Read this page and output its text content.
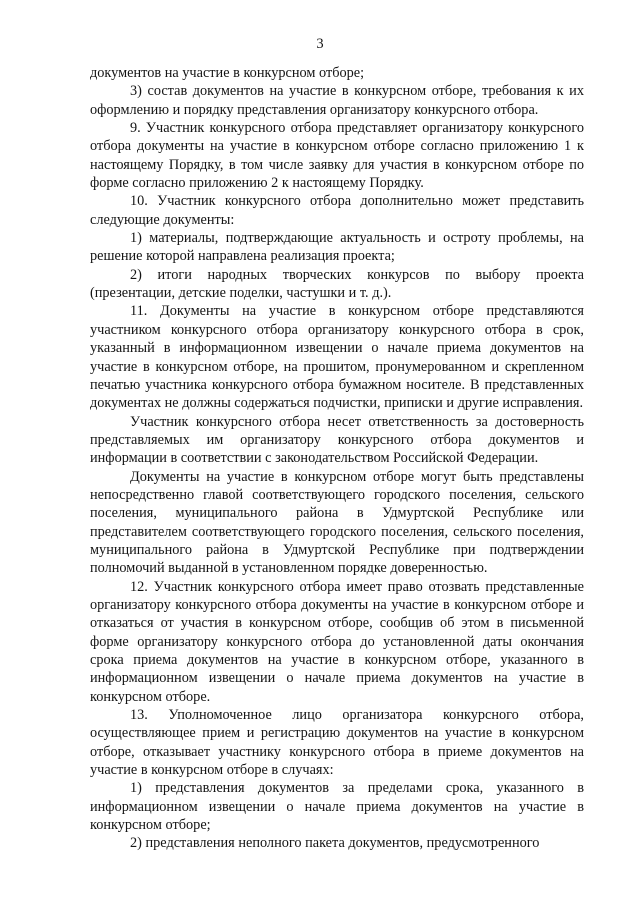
3

документов на участие в конкурсном отборе;

3) состав документов на участие в конкурсном отборе, требования к их оформлению и порядку представления организатору конкурсного отбора.

9. Участник конкурсного отбора представляет организатору конкурсного отбора документы на участие в конкурсном отборе согласно приложению 1 к настоящему Порядку, в том числе заявку для участия в конкурсном отборе по форме согласно приложению 2 к настоящему Порядку.

10. Участник конкурсного отбора дополнительно может представить следующие документы:

1) материалы, подтверждающие актуальность и остроту проблемы, на решение которой направлена реализация проекта;

2) итоги народных творческих конкурсов по выбору проекта (презентации, детские поделки, частушки и т. д.).

11. Документы на участие в конкурсном отборе представляются участником конкурсного отбора организатору конкурсного отбора в срок, указанный в информационном извещении о начале приема документов на участие в конкурсном отборе, на прошитом, пронумерованном и скрепленном печатью участника конкурсного отбора бумажном носителе. В представленных документах не должны содержаться подчистки, приписки и другие исправления.

Участник конкурсного отбора несет ответственность за достоверность представляемых им организатору конкурсного отбора документов и информации в соответствии с законодательством Российской Федерации.

Документы на участие в конкурсном отборе могут быть представлены непосредственно главой соответствующего городского поселения, сельского поселения, муниципального района в Удмуртской Республике или представителем соответствующего городского поселения, сельского поселения, муниципального района в Удмуртской Республике при подтверждении полномочий выданной в установленном порядке доверенностью.

12. Участник конкурсного отбора имеет право отозвать представленные организатору конкурсного отбора документы на участие в конкурсном отборе и отказаться от участия в конкурсном отборе, сообщив об этом в письменной форме организатору конкурсного отбора до установленной даты окончания срока приема документов на участие в конкурсном отборе, указанного в информационном извещении о начале приема документов на участие в конкурсном отборе.

13. Уполномоченное лицо организатора конкурсного отбора, осуществляющее прием и регистрацию документов на участие в конкурсном отборе, отказывает участнику конкурсного отбора в приеме документов на участие в конкурсном отборе в случаях:

1) представления документов за пределами срока, указанного в информационном извещении о начале приема документов на участие в конкурсном отборе;

2) представления неполного пакета документов, предусмотренного
